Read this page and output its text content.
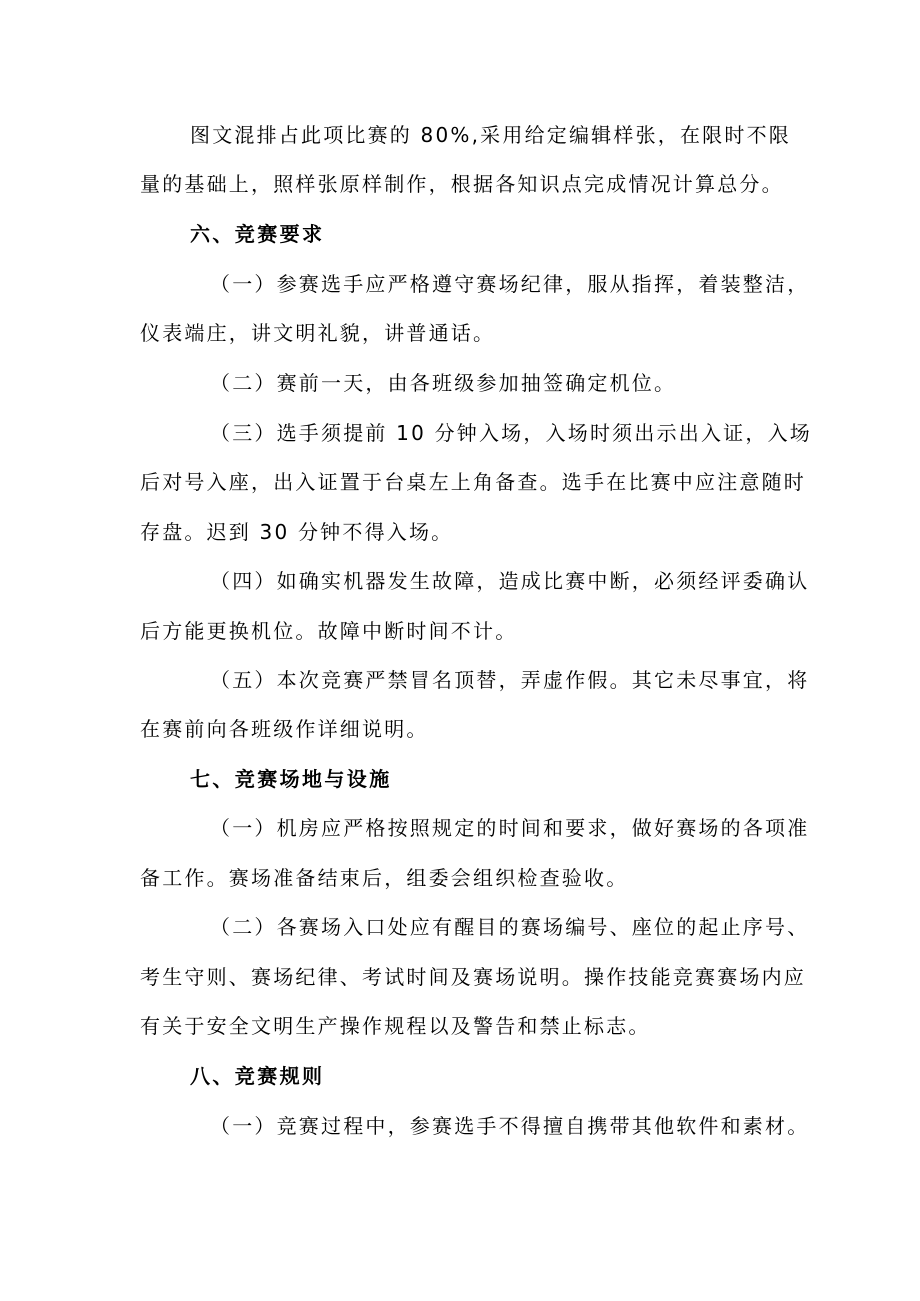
图文混排占此项比赛的 80%,采用给定编辑样张，在限时不限
量的基础上，照样张原样制作，根据各知识点完成情况计算总分。
六、竞赛要求
（一）参赛选手应严格遵守赛场纪律，服从指挥，着装整洁，
仪表端庄，讲文明礼貌，讲普通话。
（二）赛前一天，由各班级参加抽签确定机位。
（三）选手须提前 10 分钟入场，入场时须出示出入证，入场
后对号入座，出入证置于台桌左上角备查。选手在比赛中应注意随时
存盘。迟到 30 分钟不得入场。
（四）如确实机器发生故障，造成比赛中断，必须经评委确认
后方能更换机位。故障中断时间不计。
（五）本次竞赛严禁冒名顶替，弄虚作假。其它未尽事宜，将
在赛前向各班级作详细说明。
七、竞赛场地与设施
（一）机房应严格按照规定的时间和要求，做好赛场的各项准
备工作。赛场准备结束后，组委会组织检查验收。
（二）各赛场入口处应有醒目的赛场编号、座位的起止序号、
考生守则、赛场纪律、考试时间及赛场说明。操作技能竞赛赛场内应
有关于安全文明生产操作规程以及警告和禁止标志。
八、竞赛规则
（一）竞赛过程中，参赛选手不得擅自携带其他软件和素材。
